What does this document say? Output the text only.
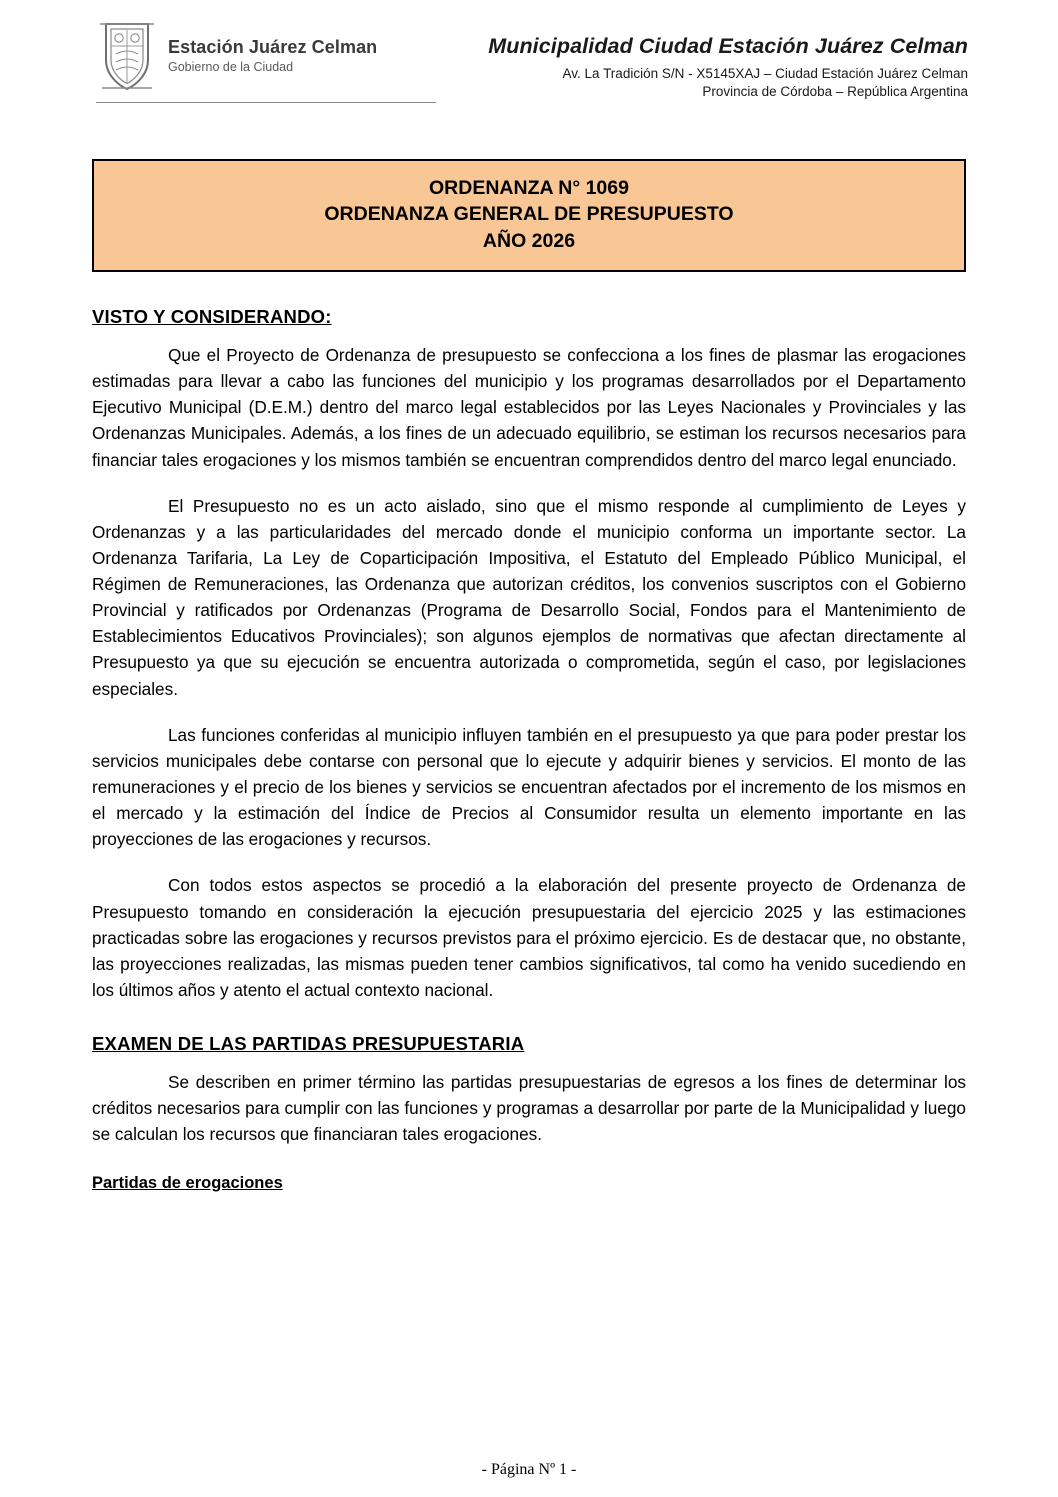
Estación Juárez Celman
Gobierno de la Ciudad
Municipalidad Ciudad Estación Juárez Celman
Av. La Tradición S/N - X5145XAJ – Ciudad Estación Juárez Celman
Provincia de Córdoba – República Argentina
ORDENANZA N° 1069
ORDENANZA GENERAL DE PRESUPUESTO
AÑO 2026
VISTO Y CONSIDERANDO:

Que el Proyecto de Ordenanza de presupuesto se confecciona a los fines de plasmar las erogaciones estimadas para llevar a cabo las funciones del municipio y los programas desarrollados por el Departamento Ejecutivo Municipal (D.E.M.) dentro del marco legal establecidos por las Leyes Nacionales y Provinciales y las Ordenanzas Municipales. Además, a los fines de un adecuado equilibrio, se estiman los recursos necesarios para financiar tales erogaciones y los mismos también se encuentran comprendidos dentro del marco legal enunciado.

El Presupuesto no es un acto aislado, sino que el mismo responde al cumplimiento de Leyes y Ordenanzas y a las particularidades del mercado donde el municipio conforma un importante sector. La Ordenanza Tarifaria, La Ley de Coparticipación Impositiva, el Estatuto del Empleado Público Municipal, el Régimen de Remuneraciones, las Ordenanza que autorizan créditos, los convenios suscriptos con el Gobierno Provincial y ratificados por Ordenanzas (Programa de Desarrollo Social, Fondos para el Mantenimiento de Establecimientos Educativos Provinciales); son algunos ejemplos de normativas que afectan directamente al Presupuesto ya que su ejecución se encuentra autorizada o comprometida, según el caso, por legislaciones especiales.

Las funciones conferidas al municipio influyen también en el presupuesto ya que para poder prestar los servicios municipales debe contarse con personal que lo ejecute y adquirir bienes y servicios. El monto de las remuneraciones y el precio de los bienes y servicios se encuentran afectados por el incremento de los mismos en el mercado y la estimación del Índice de Precios al Consumidor resulta un elemento importante en las proyecciones de las erogaciones y recursos.

Con todos estos aspectos se procedió a la elaboración del presente proyecto de Ordenanza de Presupuesto tomando en consideración la ejecución presupuestaria del ejercicio 2025 y las estimaciones practicadas sobre las erogaciones y recursos previstos para el próximo ejercicio. Es de destacar que, no obstante, las proyecciones realizadas, las mismas pueden tener cambios significativos, tal como ha venido sucediendo en los últimos años y atento el actual contexto nacional.

EXAMEN DE LAS PARTIDAS PRESUPUESTARIA

Se describen en primer término las partidas presupuestarias de egresos a los fines de determinar los créditos necesarios para cumplir con las funciones y programas a desarrollar por parte de la Municipalidad y luego se calculan los recursos que financiaran tales erogaciones.

Partidas de erogaciones
- Página Nº 1 -
